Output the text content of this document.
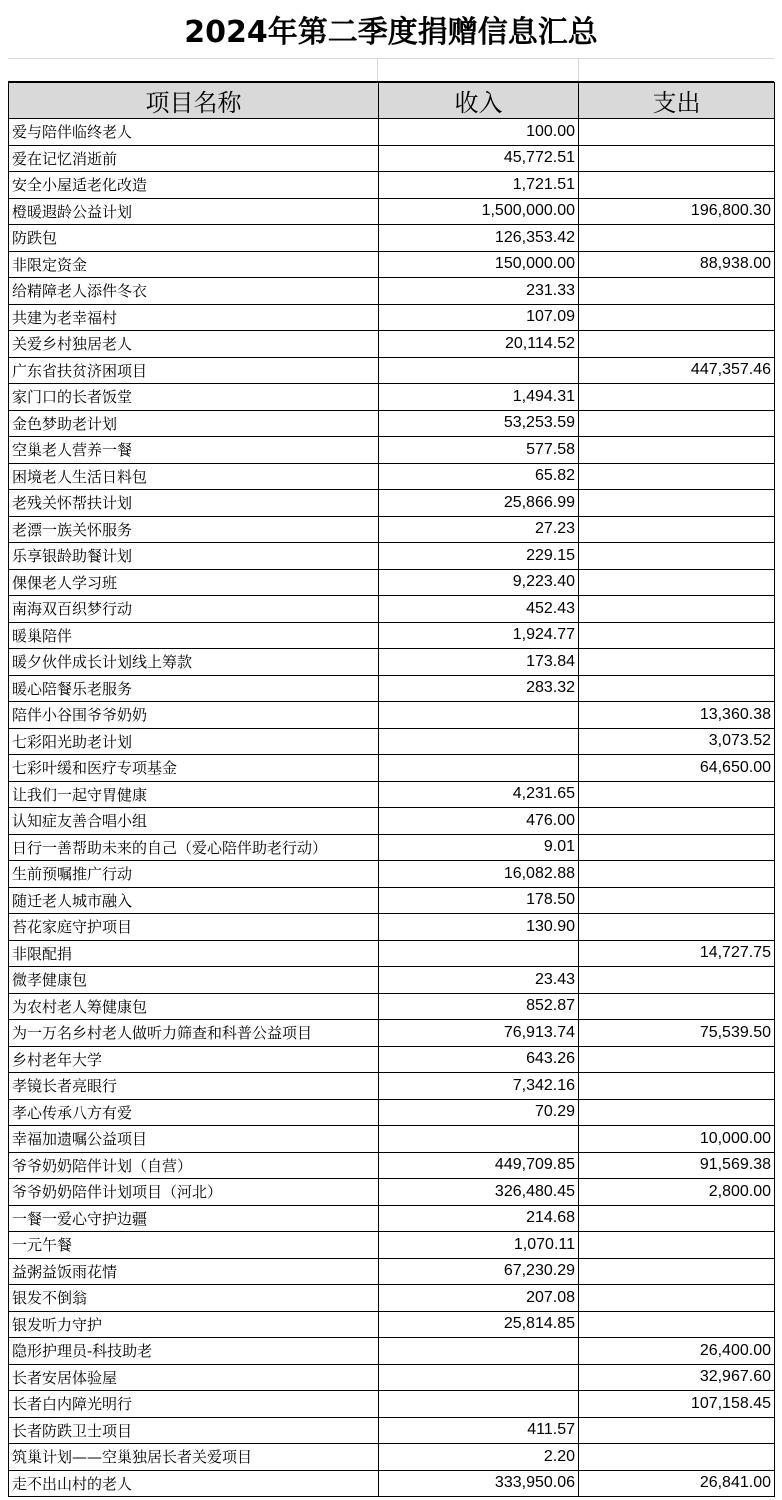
2024年第二季度捐赠信息汇总
项目名称	收入	支出
爱与陪伴临终老人	100.00	
爱在记忆消逝前	45,772.51	
安全小屋适老化改造	1,721.51	
橙暖遐龄公益计划	1,500,000.00	196,800.30
防跌包	126,353.42	
非限定资金	150,000.00	88,938.00
给精障老人添件冬衣	231.33	
共建为老幸福村	107.09	
关爱乡村独居老人	20,114.52	
广东省扶贫济困项目		447,357.46
家门口的长者饭堂	1,494.31	
金色梦助老计划	53,253.59	
空巢老人营养一餐	577.58	
困境老人生活日料包	65.82	
老残关怀帮扶计划	25,866.99	
老漂一族关怀服务	27.23	
乐享银龄助餐计划	229.15	
倮倮老人学习班	9,223.40	
南海双百织梦行动	452.43	
暖巢陪伴	1,924.77	
暖夕伙伴成长计划线上筹款	173.84	
暖心陪餐乐老服务	283.32	
陪伴小谷围爷爷奶奶		13,360.38
七彩阳光助老计划		3,073.52
七彩叶缓和医疗专项基金		64,650.00
让我们一起守胃健康	4,231.65	
认知症友善合唱小组	476.00	
日行一善帮助未来的自己（爱心陪伴助老行动）	9.01	
生前预嘱推广行动	16,082.88	
随迁老人城市融入	178.50	
苔花家庭守护项目	130.90	
非限配捐		14,727.75
微孝健康包	23.43	
为农村老人筹健康包	852.87	
为一万名乡村老人做听力筛查和科普公益项目	76,913.74	75,539.50
乡村老年大学	643.26	
孝镜长者亮眼行	7,342.16	
孝心传承八方有爱	70.29	
幸福加遗嘱公益项目		10,000.00
爷爷奶奶陪伴计划（自营）	449,709.85	91,569.38
爷爷奶奶陪伴计划项目（河北）	326,480.45	2,800.00
一餐一爱心守护边疆	214.68	
一元午餐	1,070.11	
益粥益饭雨花情	67,230.29	
银发不倒翁	207.08	
银发听力守护	25,814.85	
隐形护理员-科技助老		26,400.00
长者安居体验屋		32,967.60
长者白内障光明行		107,158.45
长者防跌卫士项目	411.57	
筑巢计划——空巢独居长者关爱项目	2.20	
走不出山村的老人	333,950.06	26,841.00
